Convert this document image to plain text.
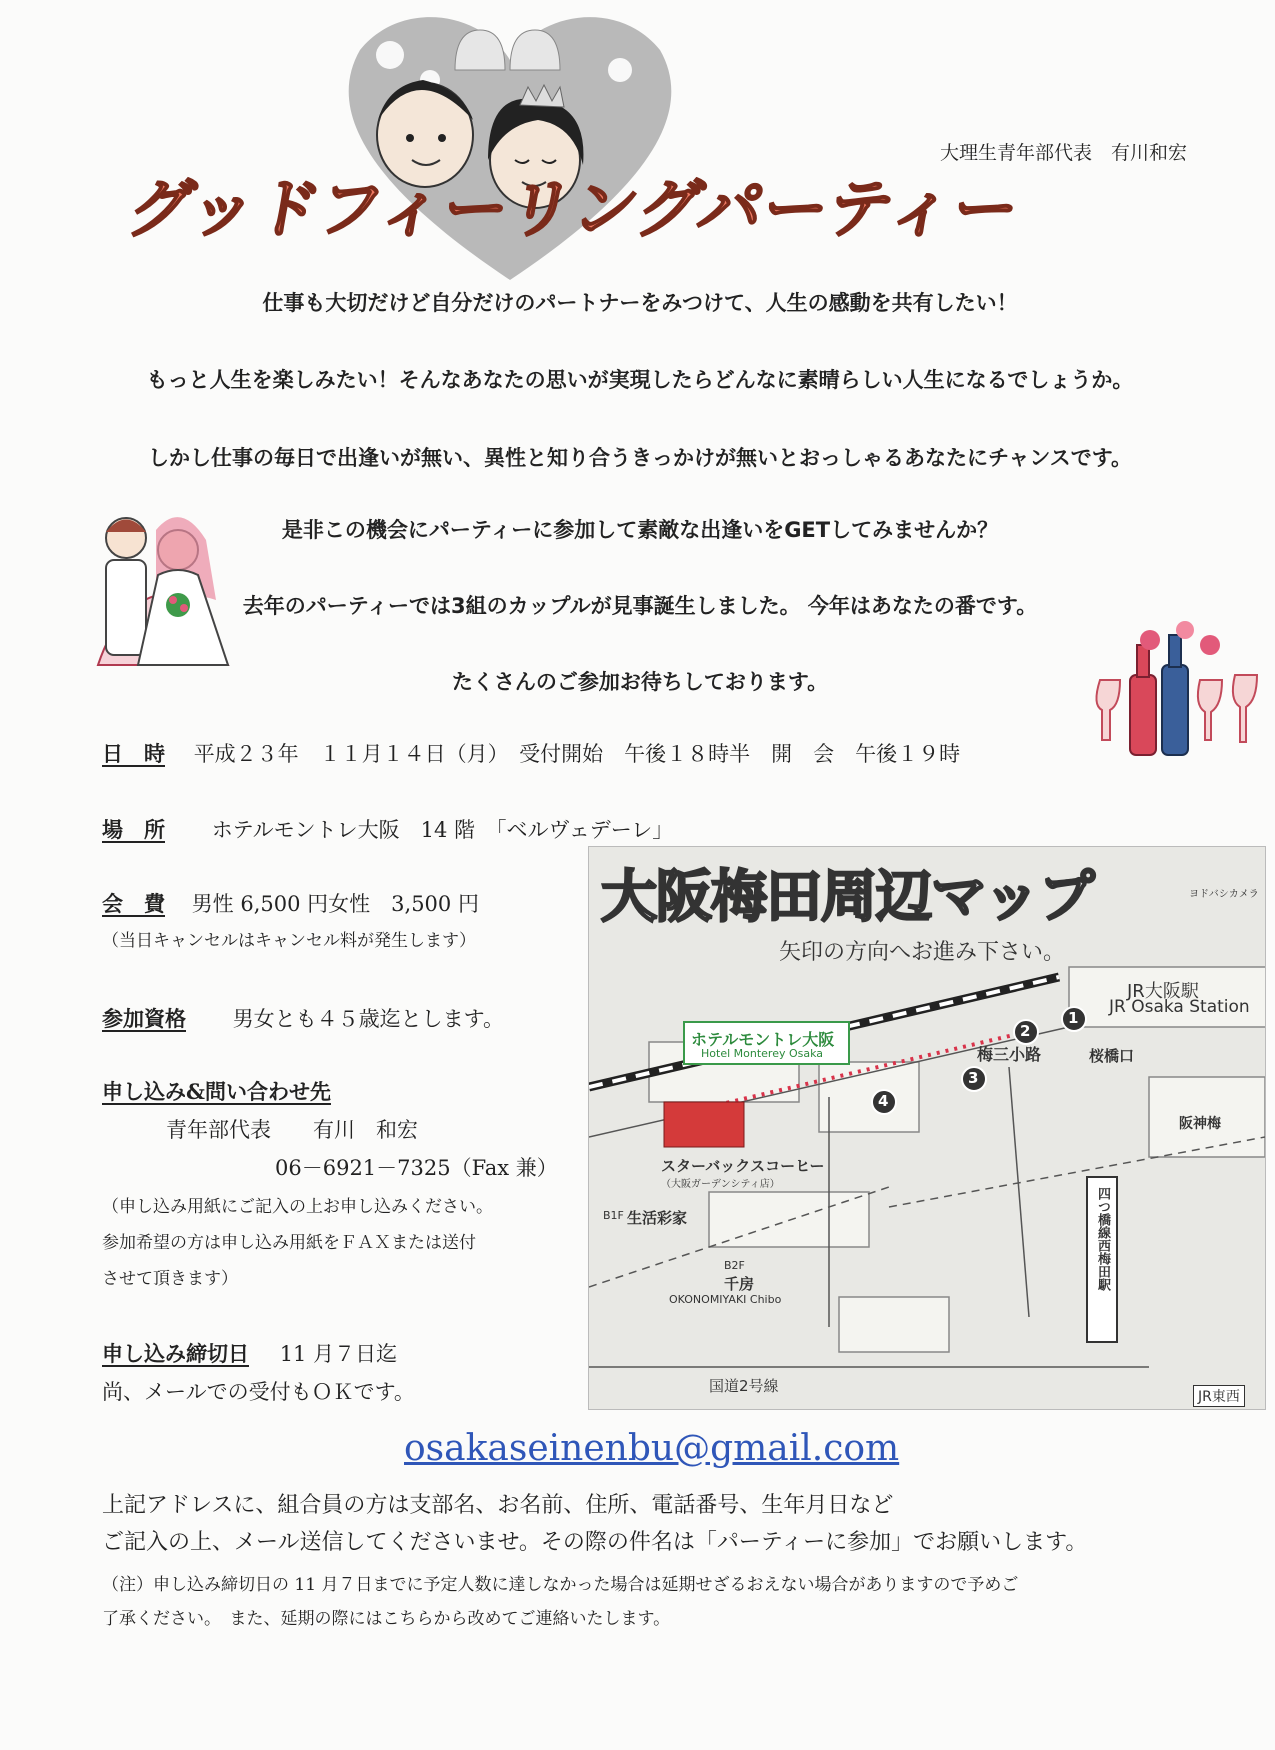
大理生青年部代表　有川和宏
グッドフィーリングパーティー
仕事も大切だけど自分だけのパートナーをみつけて、人生の感動を共有したい！
もっと人生を楽しみたい！そんなあなたの思いが実現したらどんなに素晴らしい人生になるでしょうか。
しかし仕事の毎日で出逢いが無い、異性と知り合うきっかけが無いとおっしゃるあなたにチャンスです。
是非この機会にパーティーに参加して素敵な出逢いをGETしてみませんか？
去年のパーティーでは3組のカップルが見事誕生しました。 今年はあなたの番です。
たくさんのご参加お待ちしております。
日　時 平成２３年　１１月１４日（月）　受付開始　午後１８時半　開　会　午後１９時
場　所 ホテルモントレ大阪　14 階　「ベルヴェデーレ」
会　費 男性 6,500 円女性　3,500 円
（当日キャンセルはキャンセル料が発生します）
参加資格 男女とも４５歳迄とします。
申し込み&問い合わせ先
青年部代表　　有川　和宏
06－6921－7325（Fax 兼）
（申し込み用紙にご記入の上お申し込みください。
参加希望の方は申し込み用紙をＦＡＸまたは送付
させて頂きます）
申し込み締切日 11 月７日迄
尚、メールでの受付もＯＫです。
大阪梅田周辺マップ
矢印の方向へお進み下さい。
1
2
3
4
JR大阪駅
JR Osaka Station
ホテルモントレ大阪
Hotel Monterey Osaka	梅三小路	桜橋口
スターバックスコーヒー
（大阪ガーデンシティ店）
B1F 生活彩家
B2F
千房
OKONOMIYAKI Chibo
阪神梅
四つ橋線西梅田駅
国道2号線
JR東西
ヨドバシカメラ
osakaseinenbu@gmail.com
上記アドレスに、組合員の方は支部名、お名前、住所、電話番号、生年月日など
ご記入の上、メール送信してくださいませ。その際の件名は「パーティーに参加」でお願いします。
（注）申し込み締切日の 11 月７日までに予定人数に達しなかった場合は延期せざるおえない場合がありますので予めご
了承ください。　また、延期の際にはこちらから改めてご連絡いたします。
